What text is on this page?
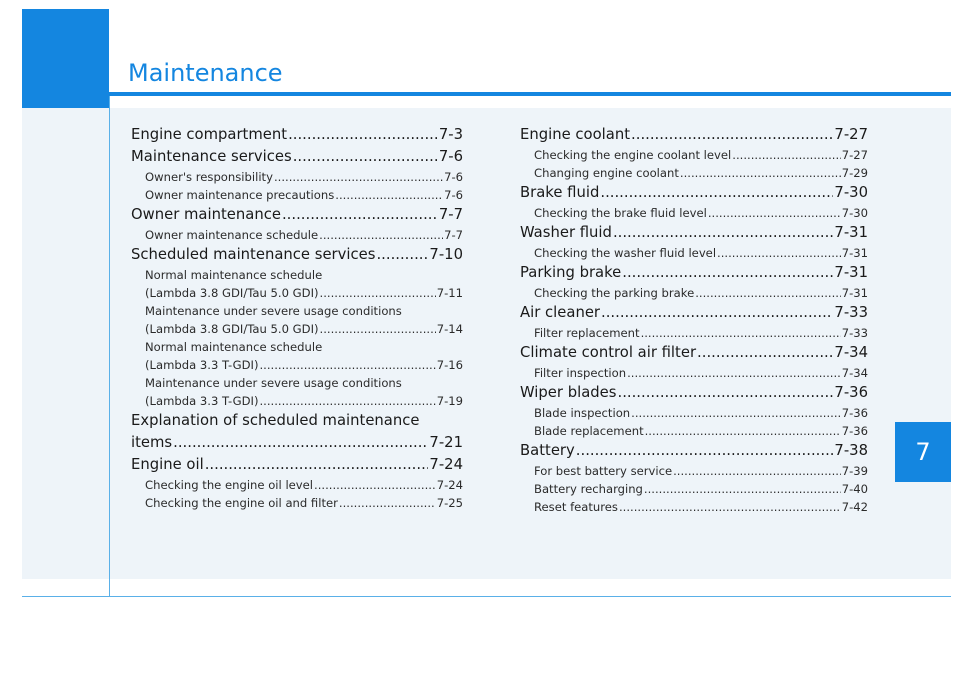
Maintenance
Engine compartment .....	7-3
Maintenance services .....	7-6
Owner's responsibility .....	7-6
Owner maintenance precautions .....	7-6
Owner maintenance .....	7-7
Owner maintenance schedule .....	7-7
Scheduled maintenance services .....	7-10
Normal maintenance schedule
(Lambda 3.8 GDI/Tau 5.0 GDI) .....	7-11
Maintenance under severe usage conditions
(Lambda 3.8 GDI/Tau 5.0 GDI) .....	7-14
Normal maintenance schedule
(Lambda 3.3 T-GDI) .....	7-16
Maintenance under severe usage conditions
(Lambda 3.3 T-GDI) .....	7-19
Explanation of scheduled maintenance
items .....	7-21
Engine oil .....	7-24
Checking the engine oil level .....	7-24
Checking the engine oil and filter .....	7-25
Engine coolant .....	7-27
Checking the engine coolant level .....	7-27
Changing engine coolant .....	7-29
Brake fluid .....	7-30
Checking the brake fluid level .....	7-30
Washer fluid .....	7-31
Checking the washer fluid level .....	7-31
Parking brake .....	7-31
Checking the parking brake .....	7-31
Air cleaner .....	7-33
Filter replacement .....	7-33
Climate control air filter .....	7-34
Filter inspection .....	7-34
Wiper blades .....	7-36
Blade inspection .....	7-36
Blade replacement .....	7-36
Battery .....	7-38
For best battery service .....	7-39
Battery recharging .....	7-40
Reset features .....	7-42
7
